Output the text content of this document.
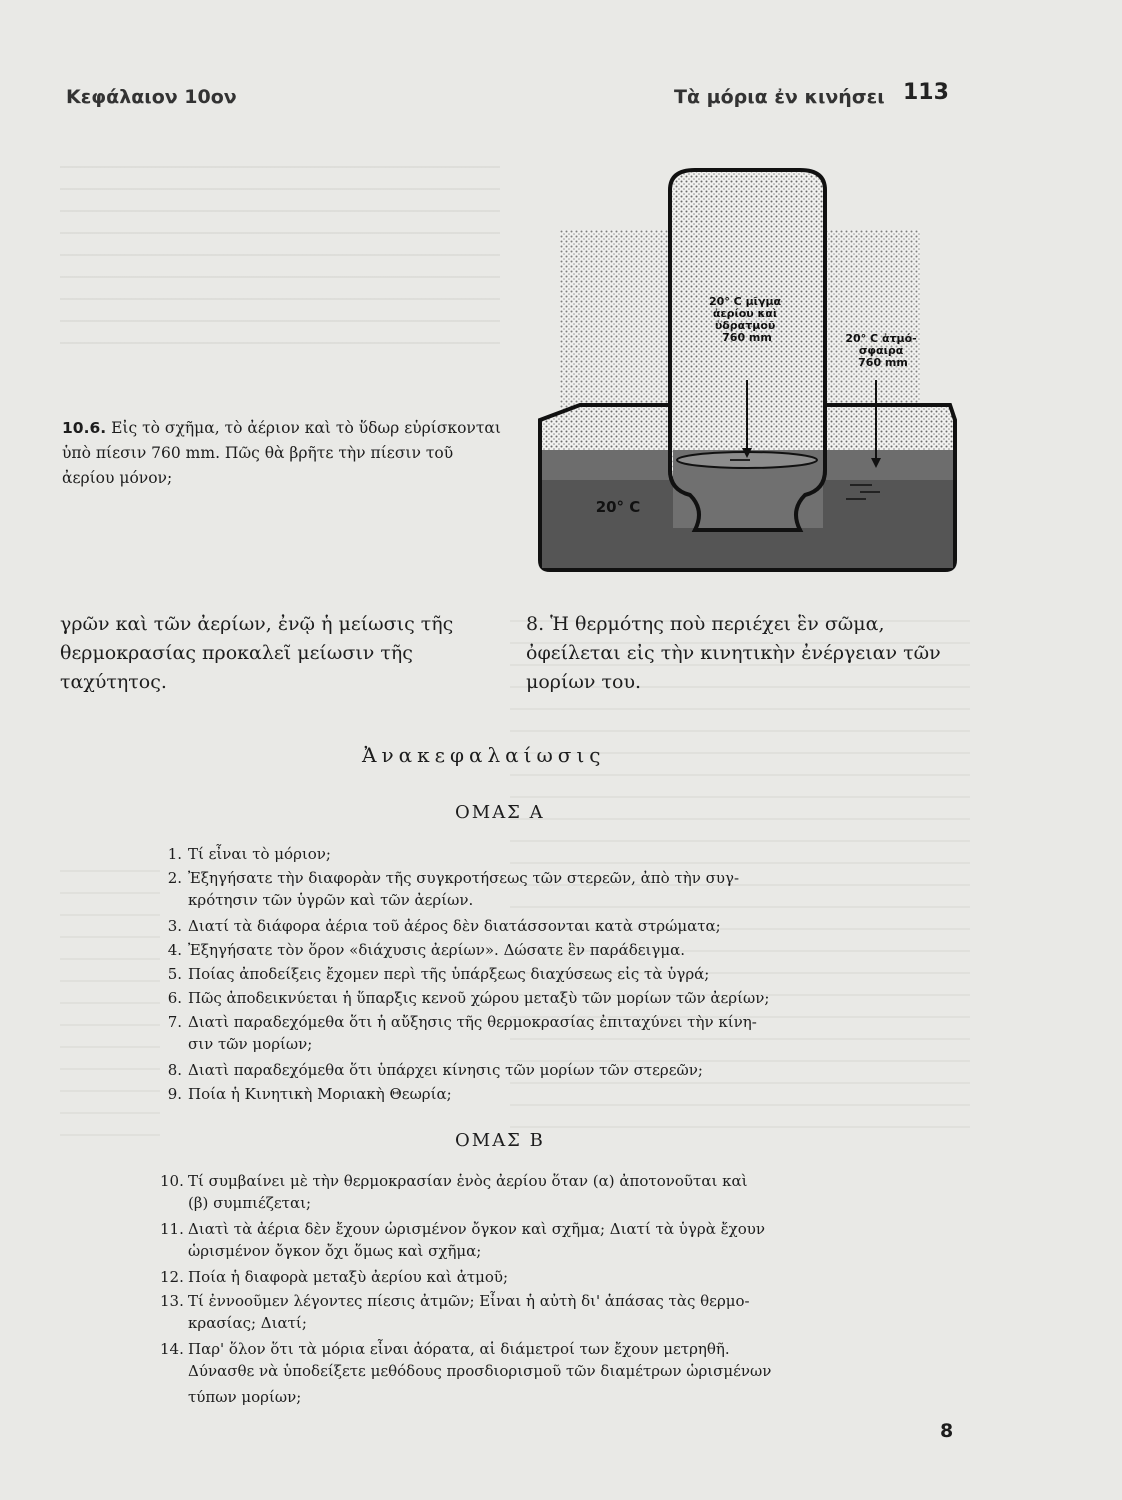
Κεφάλαιον 10ον	Τὰ μόρια ἐν κινήσει 113
10.6. Εἰς τὸ σχῆμα, τὸ ἀέριον καὶ τὸ ὕδωρ εὑρίσκονται ὑπὸ πίεσιν 760 mm. Πῶς θὰ βρῆτε τὴν πίεσιν τοῦ ἀερίου μόνον;
20° C μῖγμα ἀερίου καὶ ὑδρατμοῦ 760 mm	20° C ἀτμό- σφαιρα 760 mm
20° C
γρῶν καὶ τῶν ἀερίων, ἐνῷ ἡ μείωσις τῆς θερμοκρασίας προκαλεῖ μείωσιν τῆς ταχύτητος.
8. Ἡ θερμότης ποὺ περιέχει ἓν σῶμα, ὀφείλεται εἰς τὴν κινητικὴν ἐνέργειαν τῶν μορίων του.
Ἀνακεφαλαίωσις
ΟΜΑΣ Α
1. Τί εἶναι τὸ μόριον;
2. Ἐξηγήσατε τὴν διαφορὰν τῆς συγκροτήσεως τῶν στερεῶν, ἀπὸ τὴν συγ-
κρότησιν τῶν ὑγρῶν καὶ τῶν ἀερίων.
3. Διατί τὰ διάφορα ἀέρια τοῦ ἀέρος δὲν διατάσσονται κατὰ στρώματα;
4. Ἐξηγήσατε τὸν ὅρον «διάχυσις ἀερίων». Δώσατε ἓν παράδειγμα.
5. Ποίας ἀποδείξεις ἔχομεν περὶ τῆς ὑπάρξεως διαχύσεως εἰς τὰ ὑγρά;
6. Πῶς ἀποδεικνύεται ἡ ὕπαρξις κενοῦ χώρου μεταξὺ τῶν μορίων τῶν ἀερίων;
7. Διατὶ παραδεχόμεθα ὅτι ἡ αὔξησις τῆς θερμοκρασίας ἐπιταχύνει τὴν κίνη-
σιν τῶν μορίων;
8. Διατὶ παραδεχόμεθα ὅτι ὑπάρχει κίνησις τῶν μορίων τῶν στερεῶν;
9. Ποία ἡ Κινητικὴ Μοριακὴ Θεωρία;
ΟΜΑΣ Β
10. Τί συμβαίνει μὲ τὴν θερμοκρασίαν ἑνὸς ἀερίου ὅταν (α) ἀποτονοῦται καὶ
(β) συμπιέζεται;
11. Διατὶ τὰ ἀέρια δὲν ἔχουν ὡρισμένον ὄγκον καὶ σχῆμα; Διατί τὰ ὑγρὰ ἔχουν
ὡρισμένον ὄγκον ὄχι ὅμως καὶ σχῆμα;
12. Ποία ἡ διαφορὰ μεταξὺ ἀερίου καὶ ἀτμοῦ;
13. Τί ἐννοοῦμεν λέγοντες πίεσις ἀτμῶν; Εἶναι ἡ αὐτὴ δι' ἁπάσας τὰς θερμο-
κρασίας; Διατί;
14. Παρ' ὅλον ὅτι τὰ μόρια εἶναι ἀόρατα, αἱ διάμετροί των ἔχουν μετρηθῆ.
Δύνασθε νὰ ὑποδείξετε μεθόδους προσδιορισμοῦ τῶν διαμέτρων ὡρισμένων
τύπων μορίων;
8
